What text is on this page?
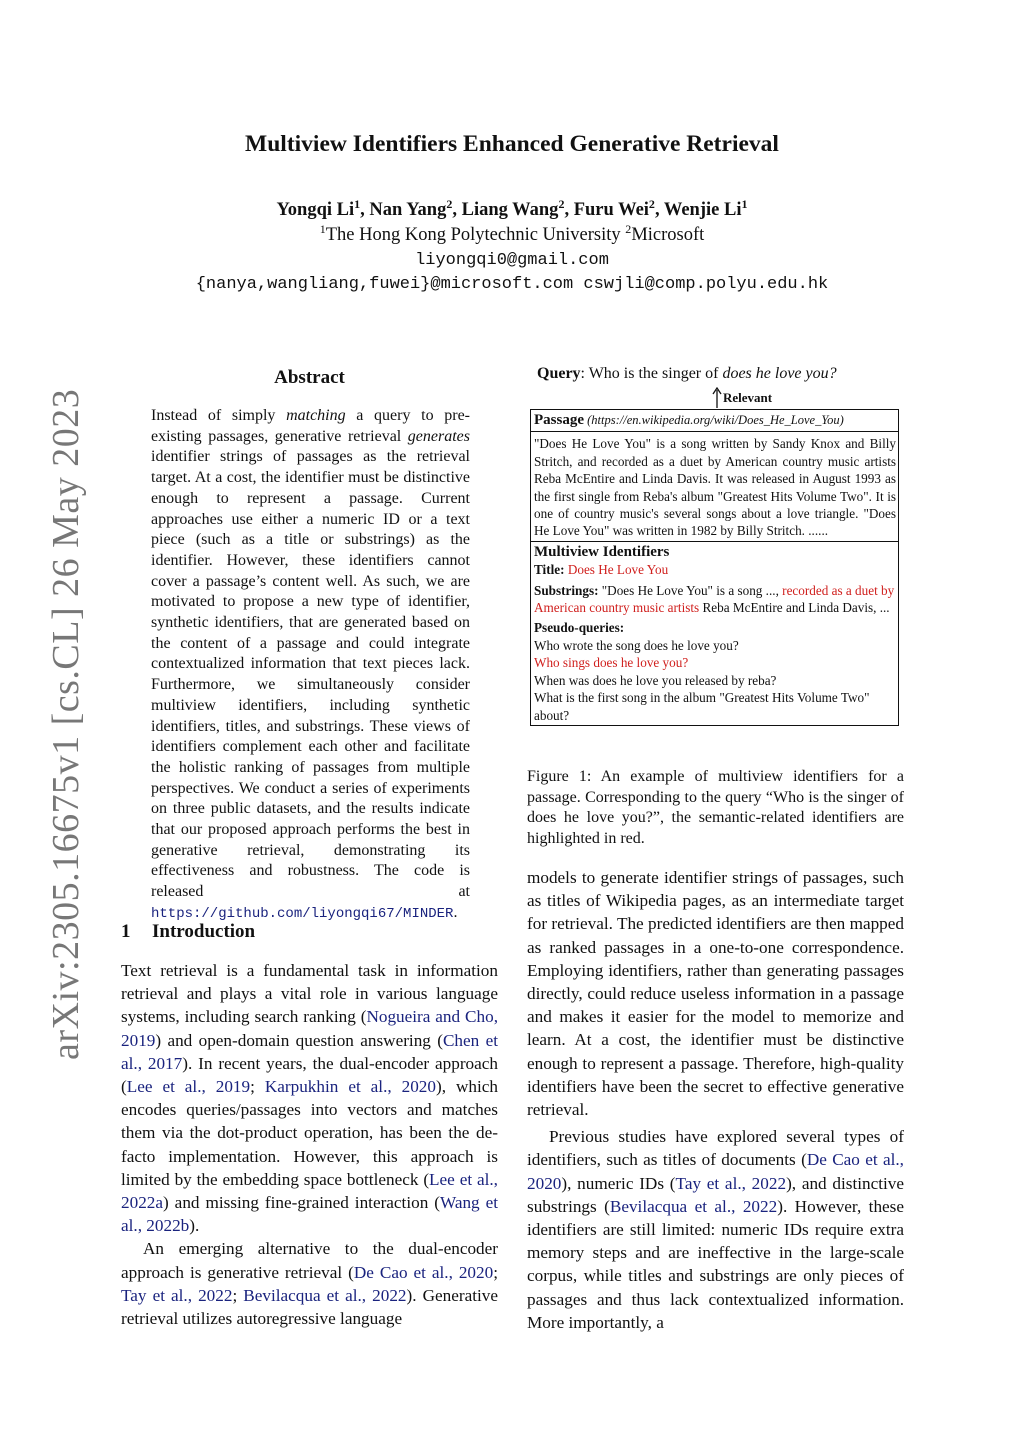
arXiv:2305.16675v1 [cs.CL] 26 May 2023
Multiview Identifiers Enhanced Generative Retrieval
Yongqi Li$^1$, Nan Yang$^2$, Liang Wang$^2$, Furu Wei$^2$, Wenjie Li$^1$
$^1$The Hong Kong Polytechnic University $^2$Microsoft
liyongqi0@gmail.com
{nanya,wangliang,fuwei}@microsoft.com cswjli@comp.polyu.edu.hk
Abstract
Instead of simply matching a query to pre-existing passages, generative retrieval generates identifier strings of passages as the retrieval target. At a cost, the identifier must be distinctive enough to represent a passage. Current approaches use either a numeric ID or a text piece (such as a title or substrings) as the identifier. However, these identifiers cannot cover a passage’s content well. As such, we are motivated to propose a new type of identifier, synthetic identifiers, that are generated based on the content of a passage and could integrate contextualized information that text pieces lack. Furthermore, we simultaneously consider multiview identifiers, including synthetic identifiers, titles, and substrings. These views of identifiers complement each other and facilitate the holistic ranking of passages from multiple perspectives. We conduct a series of experiments on three public datasets, and the results indicate that our proposed approach performs the best in generative retrieval, demonstrating its effectiveness and robustness. The code is released at https://github.com/liyongqi67/MINDER.
1 Introduction

Text retrieval is a fundamental task in information retrieval and plays a vital role in various language systems, including search ranking (Nogueira and Cho, 2019) and open-domain question answering (Chen et al., 2017). In recent years, the dual-encoder approach (Lee et al., 2019; Karpukhin et al., 2020), which encodes queries/passages into vectors and matches them via the dot-product operation, has been the de-facto implementation. However, this approach is limited by the embedding space bottleneck (Lee et al., 2022a) and missing fine-grained interaction (Wang et al., 2022b).

An emerging alternative to the dual-encoder approach is generative retrieval (De Cao et al., 2020; Tay et al., 2022; Bevilacqua et al., 2022). Generative retrieval utilizes autoregressive language

Query: Who is the singer of does he love you?
Relevant
Passage (https://en.wikipedia.org/wiki/Does_He_Love_You)
"Does He Love You" is a song written by Sandy Knox and Billy Stritch, and recorded as a duet by American country music artists Reba McEntire and Linda Davis. It was released in August 1993 as the first single from Reba's album "Greatest Hits Volume Two". It is one of country music's several songs about a love triangle. "Does He Love You" was written in 1982 by Billy Stritch. ......
Multiview Identifiers
Title: Does He Love You
Substrings: "Does He Love You" is a song ..., recorded as a duet by American country music artists Reba McEntire and Linda Davis, ...
Pseudo-queries:
Who wrote the song does he love you?
Who sings does he love you?
When was does he love you released by reba?
What is the first song in the album "Greatest Hits Volume Two" about?
Figure 1: An example of multiview identifiers for a passage. Corresponding to the query “Who is the singer of does he love you?”, the semantic-related identifiers are highlighted in red.

models to generate identifier strings of passages, such as titles of Wikipedia pages, as an intermediate target for retrieval. The predicted identifiers are then mapped as ranked passages in a one-to-one correspondence. Employing identifiers, rather than generating passages directly, could reduce useless information in a passage and makes it easier for the model to memorize and learn. At a cost, the identifier must be distinctive enough to represent a passage. Therefore, high-quality identifiers have been the secret to effective generative retrieval.

Previous studies have explored several types of identifiers, such as titles of documents (De Cao et al., 2020), numeric IDs (Tay et al., 2022), and distinctive substrings (Bevilacqua et al., 2022). However, these identifiers are still limited: numeric IDs require extra memory steps and are ineffective in the large-scale corpus, while titles and substrings are only pieces of passages and thus lack contextualized information. More importantly, a
